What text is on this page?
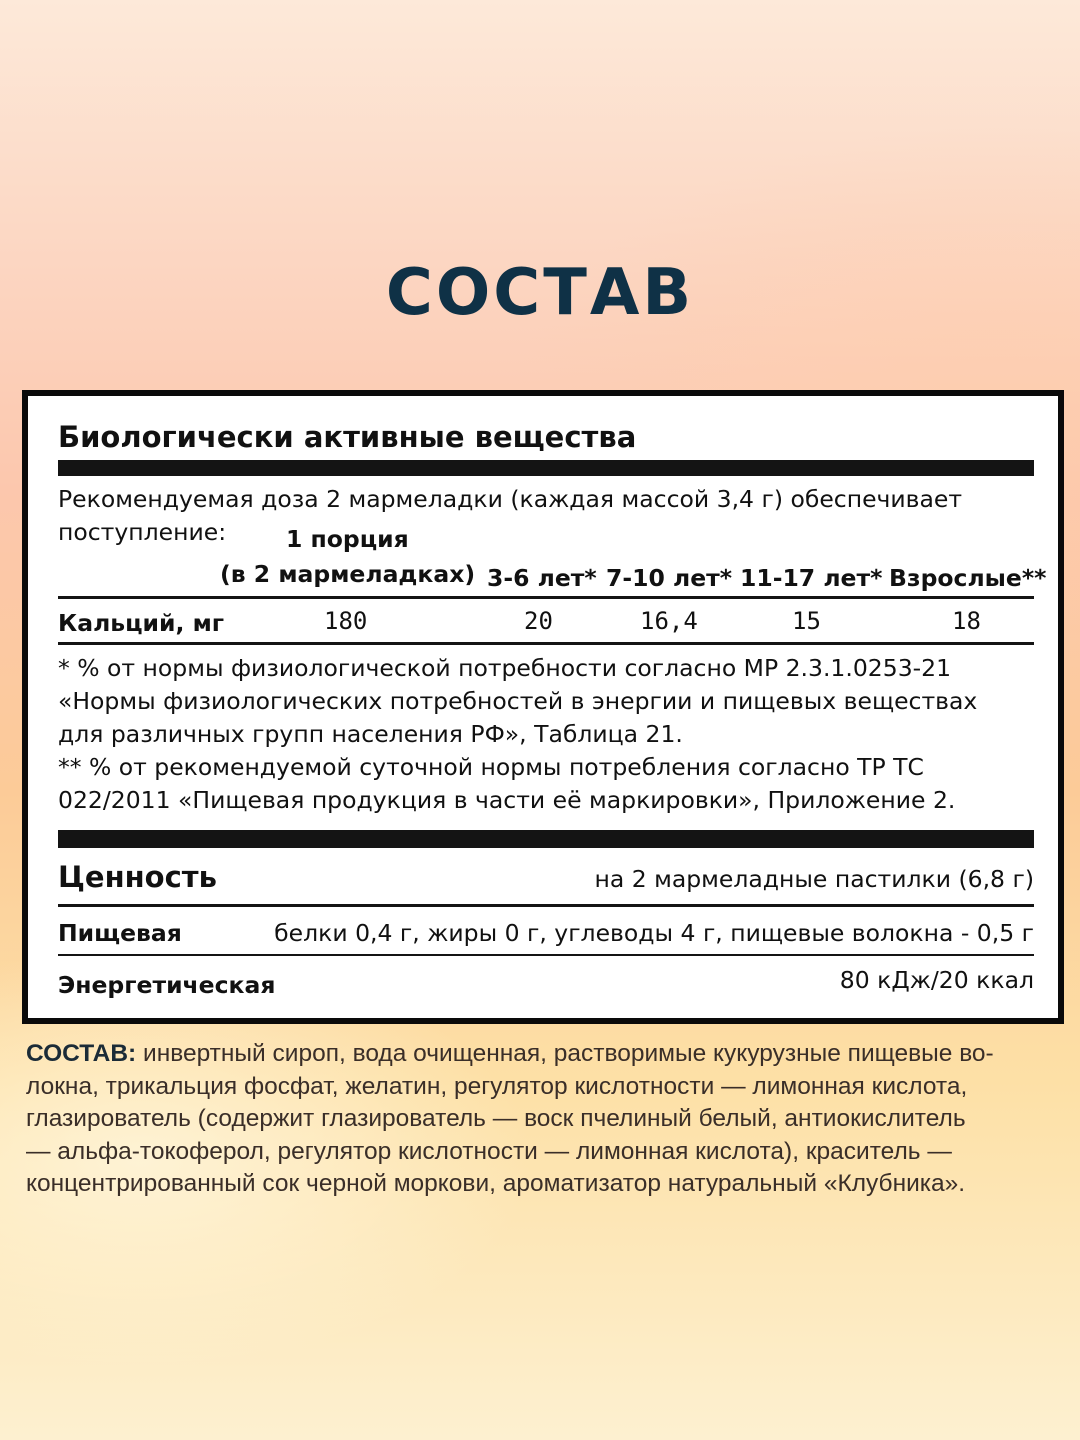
СОСТАВ
Биологически активные вещества
Рекомендуемая доза 2 мармеладки (каждая массой 3,4 г) обеспечивает
поступление:	1 порция
(в 2 мармеладках) 3-6 лет* 7-10 лет* 11-17 лет* Взрослые**
Кальций, мг	180	20	16,4	15	18

* % от нормы физиологической потребности согласно МР 2.3.1.0253-21

«Нормы физиологических потребностей в энергии и пищевых веществах

для различных групп населения РФ», Таблица 21.

** % от рекомендуемой суточной нормы потребления согласно ТР ТС

022/2011 «Пищевая продукция в части её маркировки», Приложение 2.

Ценность	на 2 мармеладные пастилки (6,8 г)
Пищевая	белки 0,4 г, жиры 0 г, углеводы 4 г, пищевые волокна - 0,5 г
Энергетическая	80 кДж/20 ккал

СОСТАВ: инвертный сироп, вода очищенная, растворимые кукурузные пищевые во-

локна, трикальция фосфат, желатин, регулятор кислотности — лимонная кислота,

глазирователь (содержит глазирователь — воск пчелиный белый, антиокислитель

— альфа-токоферол, регулятор кислотности — лимонная кислота), краситель —

концентрированный сок черной моркови, ароматизатор натуральный «Клубника».
